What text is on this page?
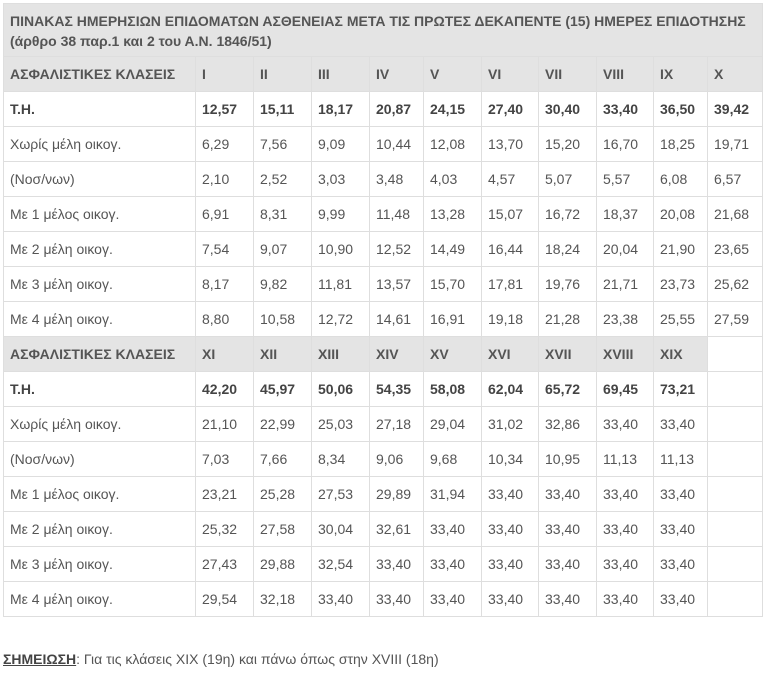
ΠΙΝΑΚΑΣ ΗΜΕΡΗΣΙΩΝ ΕΠΙΔΟΜΑΤΩΝ ΑΣΘΕΝΕΙΑΣ ΜΕΤΑ ΤΙΣ ΠΡΩΤΕΣ ΔΕΚΑΠΕΝΤΕ (15) ΗΜΕΡΕΣ ΕΠΙΔΟΤΗΣΗΣ
(άρθρο 38 παρ.1 και 2 του Α.Ν. 1846/51)										

ΑΣΦΑΛΙΣΤΙΚΕΣ ΚΛΑΣΕΙΣ	I	II	III	IV	V	VI	VII	VIII	IX	X
Τ.Η.	12,57	15,11	18,17	20,87	24,15	27,40	30,40	33,40	36,50	39,42
Χωρίς μέλη οικογ.	6,29	7,56	9,09	10,44	12,08	13,70	15,20	16,70	18,25	19,71
(Νοσ/νων)	2,10	2,52	3,03	3,48	4,03	4,57	5,07	5,57	6,08	6,57
Με 1 μέλος οικογ.	6,91	8,31	9,99	11,48	13,28	15,07	16,72	18,37	20,08	21,68
Με 2 μέλη οικογ.	7,54	9,07	10,90	12,52	14,49	16,44	18,24	20,04	21,90	23,65
Με 3 μέλη οικογ.	8,17	9,82	11,81	13,57	15,70	17,81	19,76	21,71	23,73	25,62
Με 4 μέλη οικογ.	8,80	10,58	12,72	14,61	16,91	19,18	21,28	23,38	25,55	27,59
ΑΣΦΑΛΙΣΤΙΚΕΣ ΚΛΑΣΕΙΣ	XI	XII	XIII	XIV	XV	XVI	XVII	XVIII	XIX	
Τ.Η.	42,20	45,97	50,06	54,35	58,08	62,04	65,72	69,45	73,21	
Χωρίς μέλη οικογ.	21,10	22,99	25,03	27,18	29,04	31,02	32,86	33,40	33,40	
(Νοσ/νων)	7,03	7,66	8,34	9,06	9,68	10,34	10,95	11,13	11,13	
Με 1 μέλος οικογ.	23,21	25,28	27,53	29,89	31,94	33,40	33,40	33,40	33,40	
Με 2 μέλη οικογ.	25,32	27,58	30,04	32,61	33,40	33,40	33,40	33,40	33,40	
Με 3 μέλη οικογ.	27,43	29,88	32,54	33,40	33,40	33,40	33,40	33,40	33,40	
Με 4 μέλη οικογ.	29,54	32,18	33,40	33,40	33,40	33,40	33,40	33,40	33,40	
ΣΗΜΕΙΩΣΗ: Για τις κλάσεις XIX (19η) και πάνω όπως στην XVIII (18η)
